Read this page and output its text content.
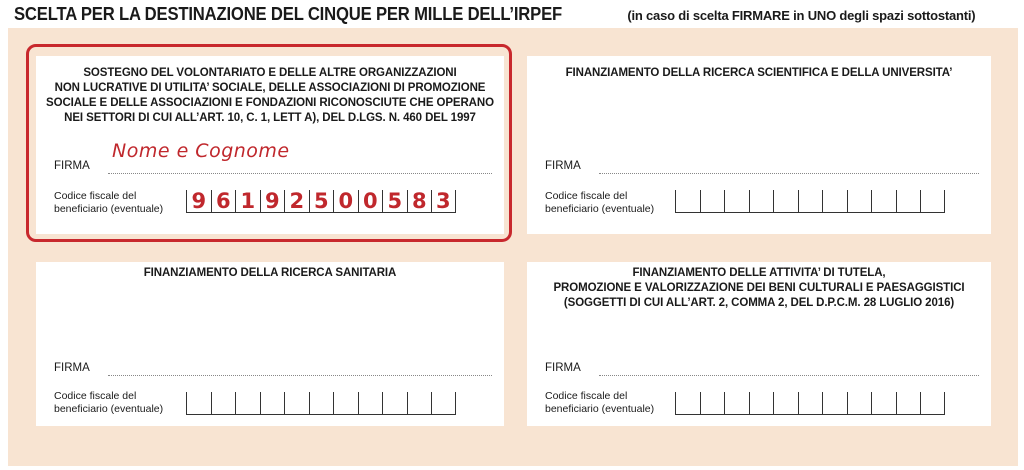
SCELTA PER LA DESTINAZIONE DEL CINQUE PER MILLE DELL’IRPEF	(in caso di scelta FIRMARE in UNO degli spazi sottostanti)
SOSTEGNO DEL VOLONTARIATO E DELLE ALTRE ORGANIZZAZIONI
NON LUCRATIVE DI UTILITA’ SOCIALE, DELLE ASSOCIAZIONI DI PROMOZIONE
SOCIALE E DELLE ASSOCIAZIONI E FONDAZIONI RICONOSCIUTE CHE OPERANO
NEI SETTORI DI CUI ALL’ART. 10, C. 1, LETT A), DEL D.LGS. N. 460 DEL 1997
Nome e Cognome
FIRMA
Codice fiscale del
beneficiario (eventuale) 9 6 1 9 2 5 0 0 5 8 3
FINANZIAMENTO DELLA RICERCA SCIENTIFICA E DELLA UNIVERSITA’
FIRMA
Codice fiscale del
beneficiario (eventuale)
FINANZIAMENTO DELLA RICERCA SANITARIA
FIRMA
Codice fiscale del
beneficiario (eventuale)
FINANZIAMENTO DELLE ATTIVITA’ DI TUTELA,
PROMOZIONE E VALORIZZAZIONE DEI BENI CULTURALI E PAESAGGISTICI
(SOGGETTI DI CUI ALL’ART. 2, COMMA 2, DEL D.P.C.M. 28 LUGLIO 2016)
FIRMA
Codice fiscale del
beneficiario (eventuale)
